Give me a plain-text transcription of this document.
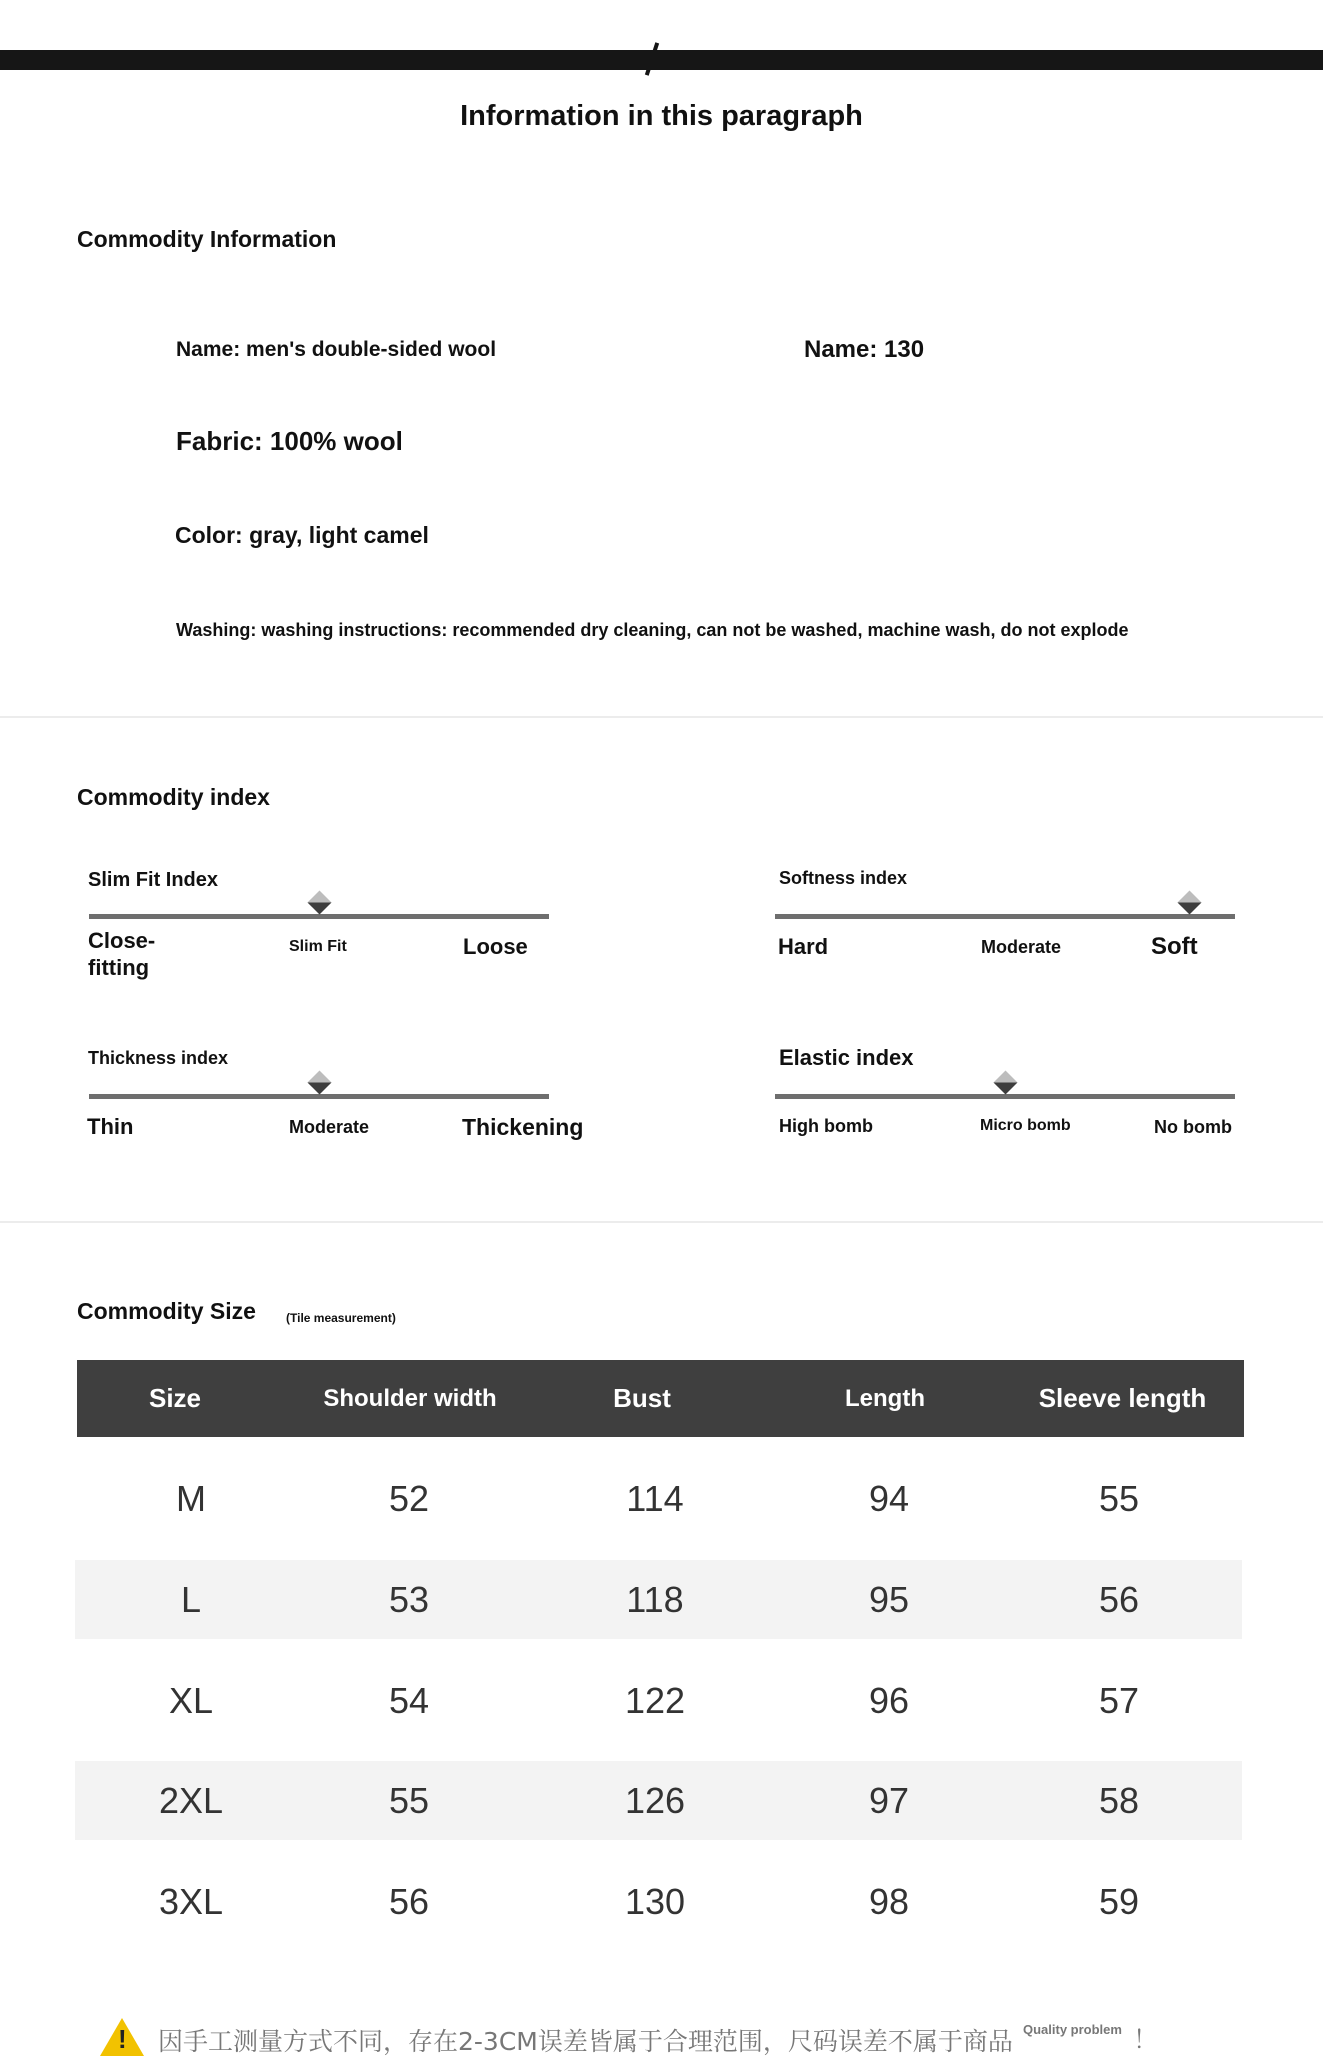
Information in this paragraph
Commodity Information
Name: men's double-sided wool	Name: 130
Fabric: 100% wool
Color: gray, light camel
Washing: washing instructions: recommended dry cleaning, can not be washed, machine wash, do not explode
Commodity index
Slim Fit Index
Close-fitting
Slim Fit	Loose
Softness index
Hard	Moderate	Soft
Thickness index
Thin	Moderate	Thickening
Elastic index
High bomb	Micro bomb	No bomb
Commodity Size	(Tile measurement)
Size	Shoulder width	Bust	Length	Sleeve length
M	52	114	94	55
L	53	118	95	56
XL	54	122	96	57
2XL	55	126	97	58
3XL	56	130	98	59
! 因手工测量方式不同，存在2-3CM误差皆属于合理范围，尺码误差不属于商品 Quality problem ！
